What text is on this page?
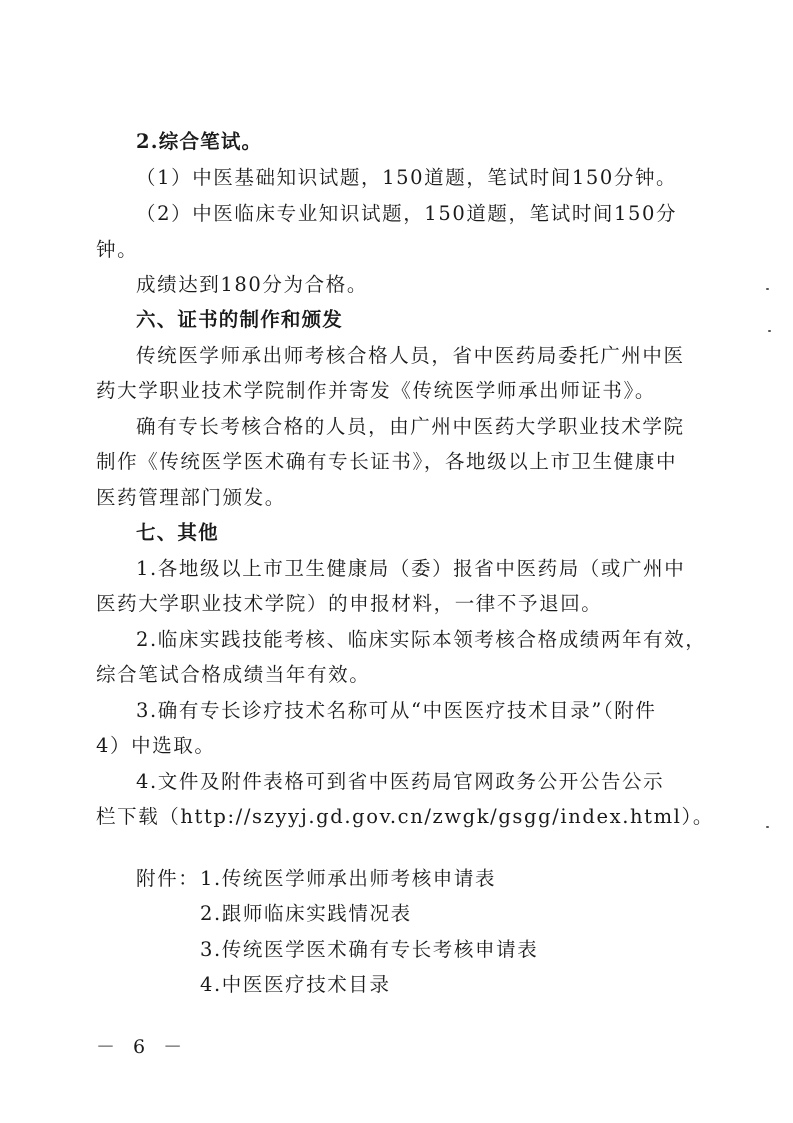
2.综合笔试。
（1）中医基础知识试题，150道题，笔试时间150分钟。
（2）中医临床专业知识试题，150道题，笔试时间150分
钟。
成绩达到180分为合格。
六、证书的制作和颁发
传统医学师承出师考核合格人员，省中医药局委托广州中医
药大学职业技术学院制作并寄发《传统医学师承出师证书》。
确有专长考核合格的人员，由广州中医药大学职业技术学院
制作《传统医学医术确有专长证书》，各地级以上市卫生健康中
医药管理部门颁发。
七、其他
1.各地级以上市卫生健康局（委）报省中医药局（或广州中
医药大学职业技术学院）的申报材料，一律不予退回。
2.临床实践技能考核、临床实际本领考核合格成绩两年有效，
综合笔试合格成绩当年有效。
3.确有专长诊疗技术名称可从“中医医疗技术目录”（附件
4）中选取。
4.文件及附件表格可到省中医药局官网政务公开公告公示
栏下载（http://szyyj.gd.gov.cn/zwgk/gsgg/index.html）。
附件： 1.传统医学师承出师考核申请表
2.跟师临床实践情况表
3.传统医学医术确有专长考核申请表
4.中医医疗技术目录
－ 6 －
